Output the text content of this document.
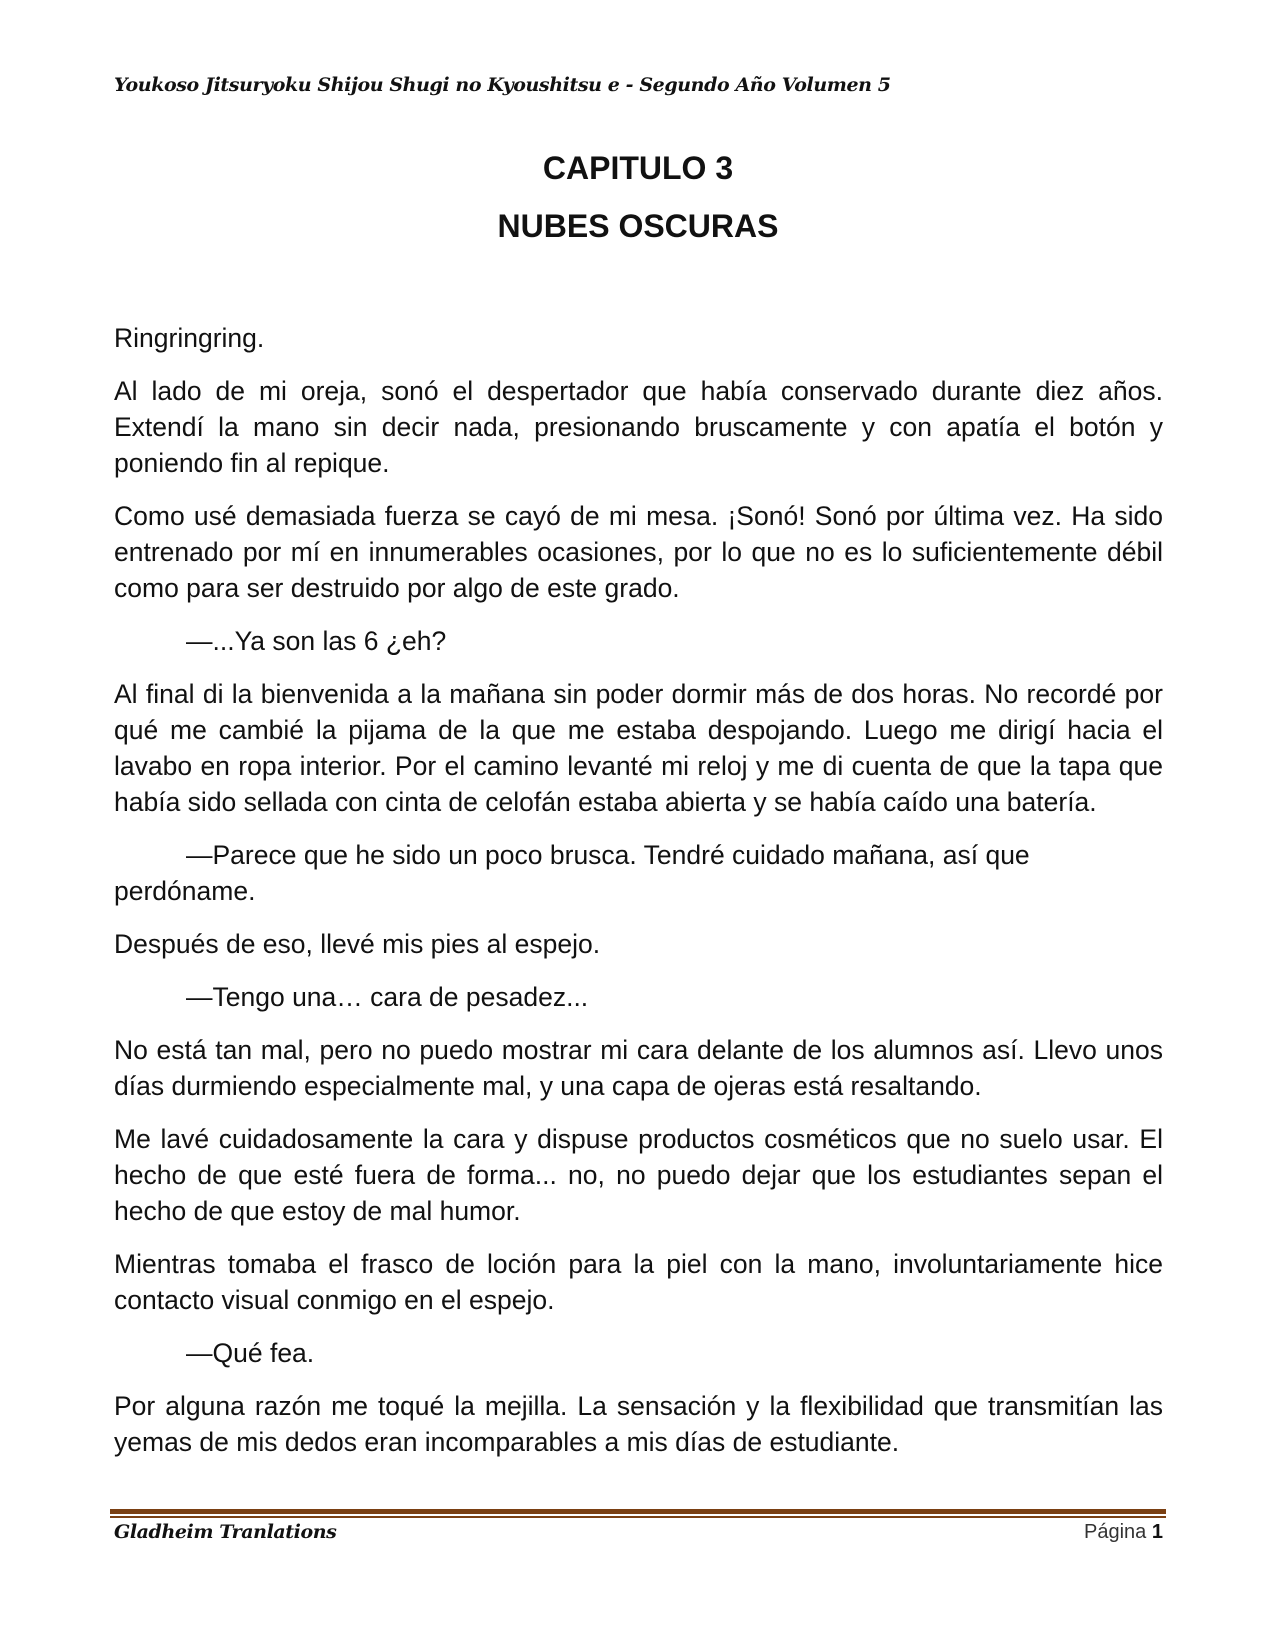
Youkoso Jitsuryoku Shijou Shugi no Kyoushitsu e - Segundo Año Volumen 5
CAPITULO 3
NUBES OSCURAS

Ringringring.

Al lado de mi oreja, sonó el despertador que había conservado durante diez años. Extendí la mano sin decir nada, presionando bruscamente y con apatía el botón y poniendo fin al repique.

Como usé demasiada fuerza se cayó de mi mesa. ¡Sonó! Sonó por última vez. Ha sido entrenado por mí en innumerables ocasiones, por lo que no es lo suficientemente débil como para ser destruido por algo de este grado.

—...Ya son las 6 ¿eh?

Al final di la bienvenida a la mañana sin poder dormir más de dos horas. No recordé por qué me cambié la pijama de la que me estaba despojando. Luego me dirigí hacia el lavabo en ropa interior. Por el camino levanté mi reloj y me di cuenta de que la tapa que había sido sellada con cinta de celofán estaba abierta y se había caído una batería.

—Parece que he sido un poco brusca. Tendré cuidado mañana, así que perdóname.

Después de eso, llevé mis pies al espejo.

—Tengo una… cara de pesadez...

No está tan mal, pero no puedo mostrar mi cara delante de los alumnos así. Llevo unos días durmiendo especialmente mal, y una capa de ojeras está resaltando.

Me lavé cuidadosamente la cara y dispuse productos cosméticos que no suelo usar. El hecho de que esté fuera de forma... no, no puedo dejar que los estudiantes sepan el hecho de que estoy de mal humor.

Mientras tomaba el frasco de loción para la piel con la mano, involuntariamente hice contacto visual conmigo en el espejo.

—Qué fea.

Por alguna razón me toqué la mejilla. La sensación y la flexibilidad que transmitían las yemas de mis dedos eran incomparables a mis días de estudiante.

Gladheim Tranlations	Página 1
